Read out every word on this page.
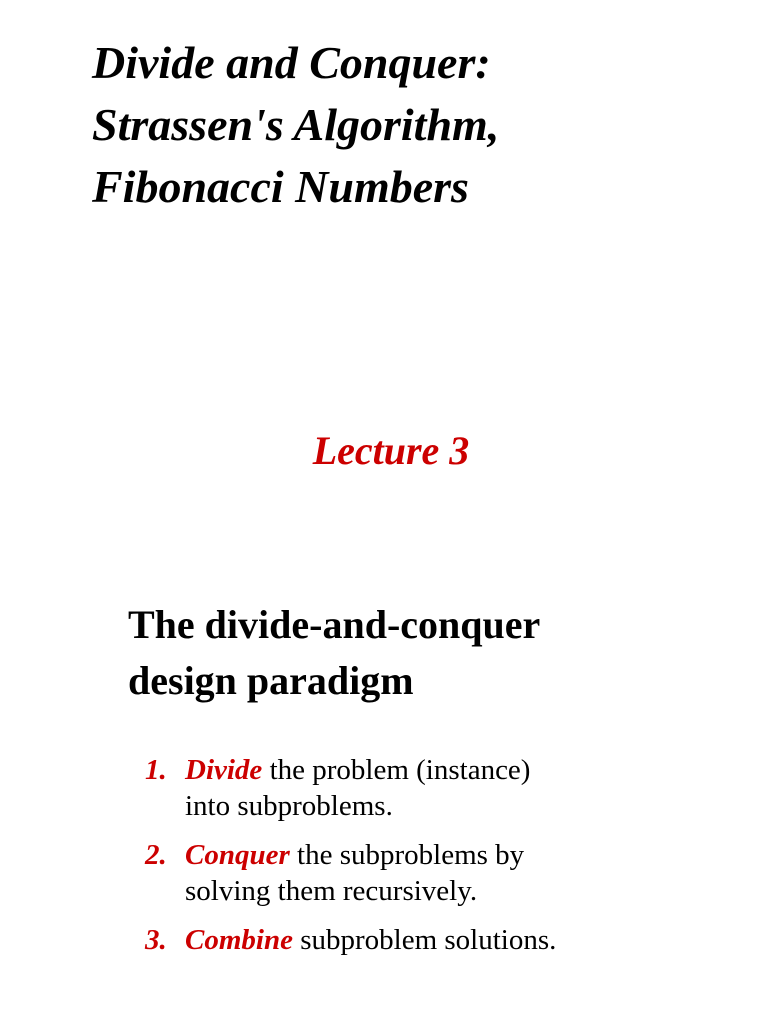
Divide and Conquer:
Strassen's Algorithm,
Fibonacci Numbers
Lecture 3
The divide-and-conquer
design paradigm
1. Divide the problem (instance)
into subproblems.
2. Conquer the subproblems by
solving them recursively.
3. Combine subproblem solutions.
